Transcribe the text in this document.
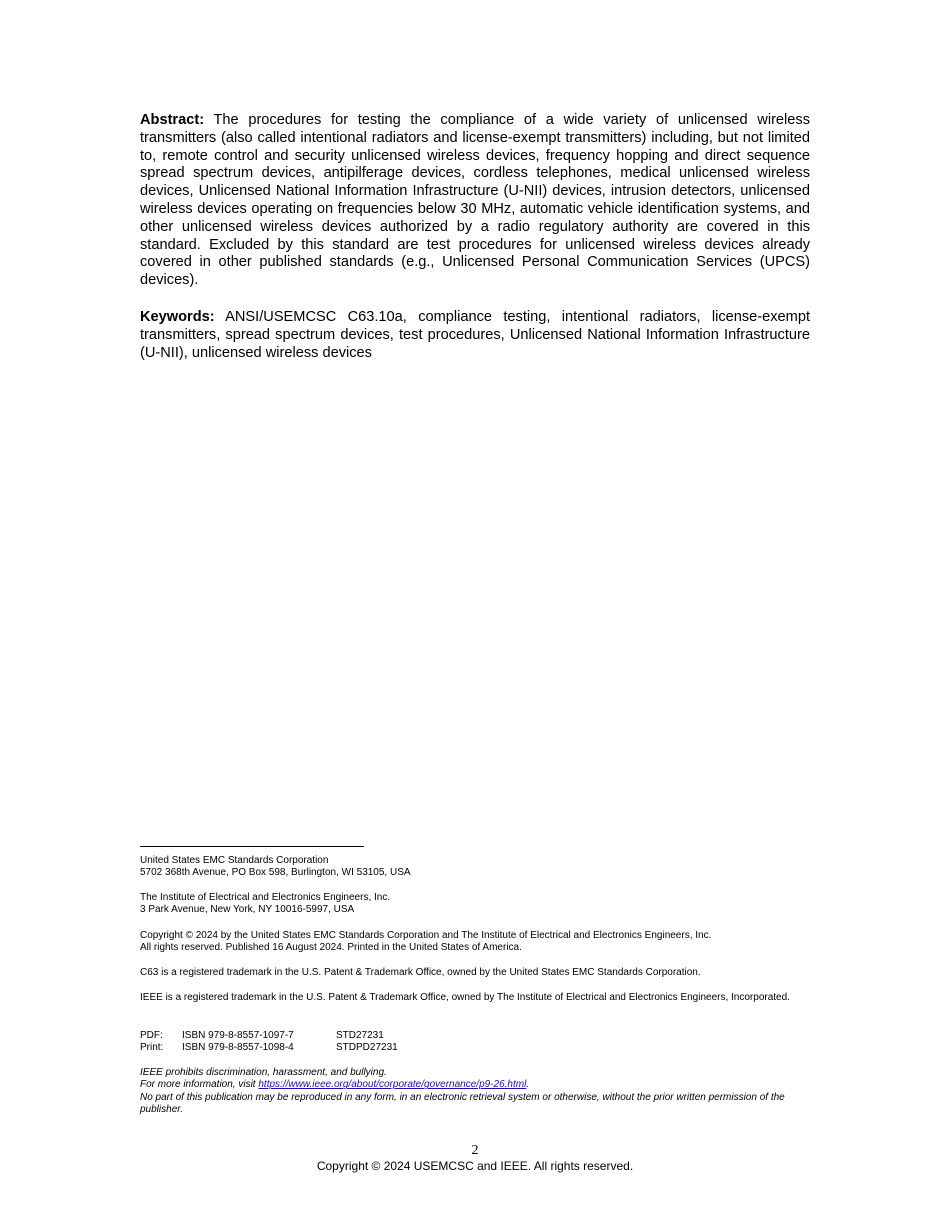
Abstract: The procedures for testing the compliance of a wide variety of unlicensed wireless transmitters (also called intentional radiators and license-exempt transmitters) including, but not limited to, remote control and security unlicensed wireless devices, frequency hopping and direct sequence spread spectrum devices, antipilferage devices, cordless telephones, medical unlicensed wireless devices, Unlicensed National Information Infrastructure (U-NII) devices, intrusion detectors, unlicensed wireless devices operating on frequencies below 30 MHz, automatic vehicle identification systems, and other unlicensed wireless devices authorized by a radio regulatory authority are covered in this standard. Excluded by this standard are test procedures for unlicensed wireless devices already covered in other published standards (e.g., Unlicensed Personal Communication Services (UPCS) devices).

Keywords: ANSI/USEMCSC C63.10a, compliance testing, intentional radiators, license-exempt transmitters, spread spectrum devices, test procedures, Unlicensed National Information Infrastructure (U-NII), unlicensed wireless devices

United States EMC Standards Corporation
5702 368th Avenue, PO Box 598, Burlington, WI 53105, USA
The Institute of Electrical and Electronics Engineers, Inc.
3 Park Avenue, New York, NY 10016-5997, USA
Copyright © 2024 by the United States EMC Standards Corporation and The Institute of Electrical and Electronics Engineers, Inc.
All rights reserved. Published 16 August 2024. Printed in the United States of America.
C63 is a registered trademark in the U.S. Patent & Trademark Office, owned by the United States EMC Standards Corporation.
IEEE is a registered trademark in the U.S. Patent & Trademark Office, owned by The Institute of Electrical and Electronics Engineers, Incorporated.
PDF: ISBN 979-8-8557-1097-7	STD27231
Print: ISBN 979-8-8557-1098-4	STDPD27231
IEEE prohibits discrimination, harassment, and bullying.
For more information, visit https://www.ieee.org/about/corporate/governance/p9-26.html.
No part of this publication may be reproduced in any form, in an electronic retrieval system or otherwise, without the prior written permission of the publisher.
2
Copyright © 2024 USEMCSC and IEEE. All rights reserved.
